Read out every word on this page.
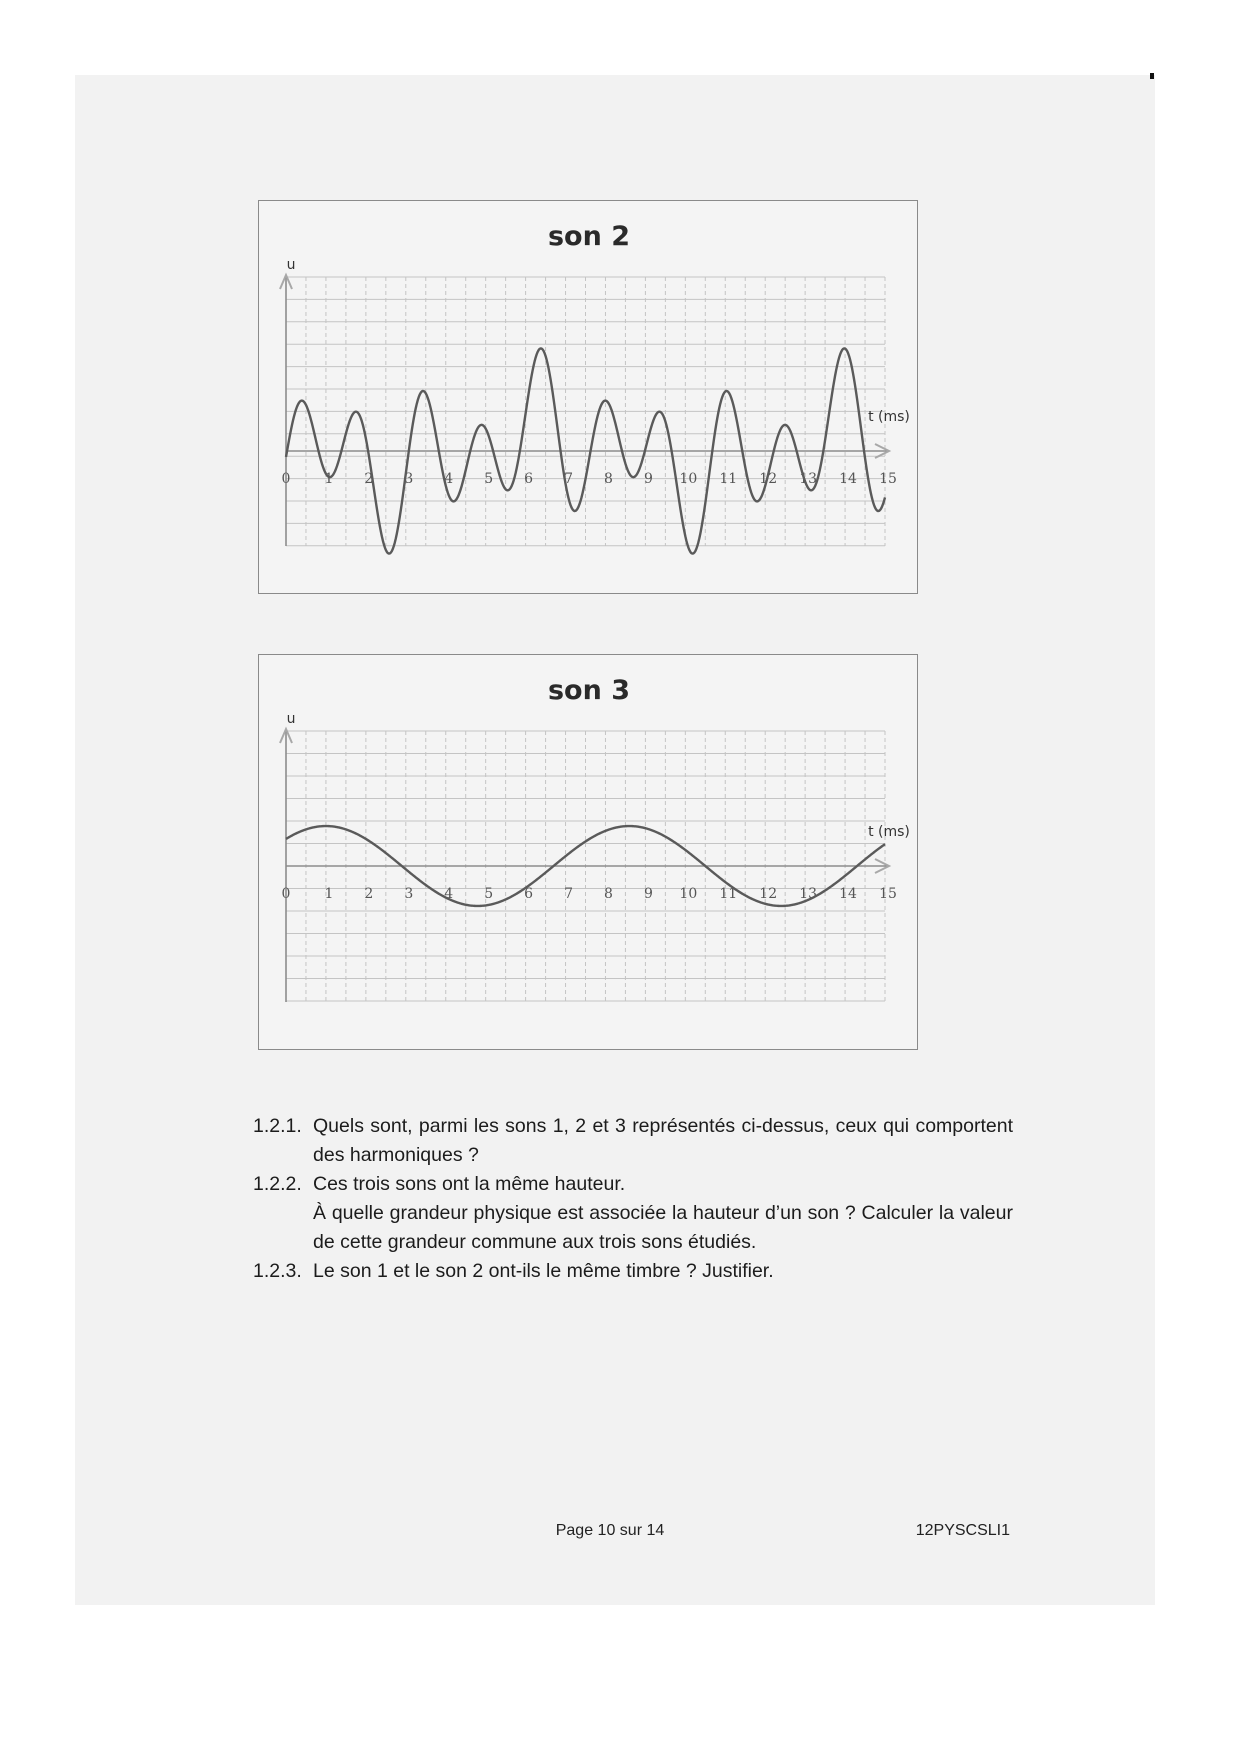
son 2
u
t (ms)
0 1 2 3 4 5 6 7 8 9 10 11 12 13 14 15
son 3
u
t (ms)
0 1 2 3 4 5 6 7 8 9 10 11 12 13 14 15
1.2.1. Quels sont, parmi les sons 1, 2 et 3 représentés ci-dessus, ceux qui comportent des harmoniques ?

1.2.2. Ces trois sons ont la même hauteur.

À quelle grandeur physique est associée la hauteur d’un son ? Calculer la valeur de cette grandeur commune aux trois sons étudiés.

1.2.3. Le son 1 et le son 2 ont-ils le même timbre ? Justifier.

Page 10 sur 14	12PYSCSLI1
